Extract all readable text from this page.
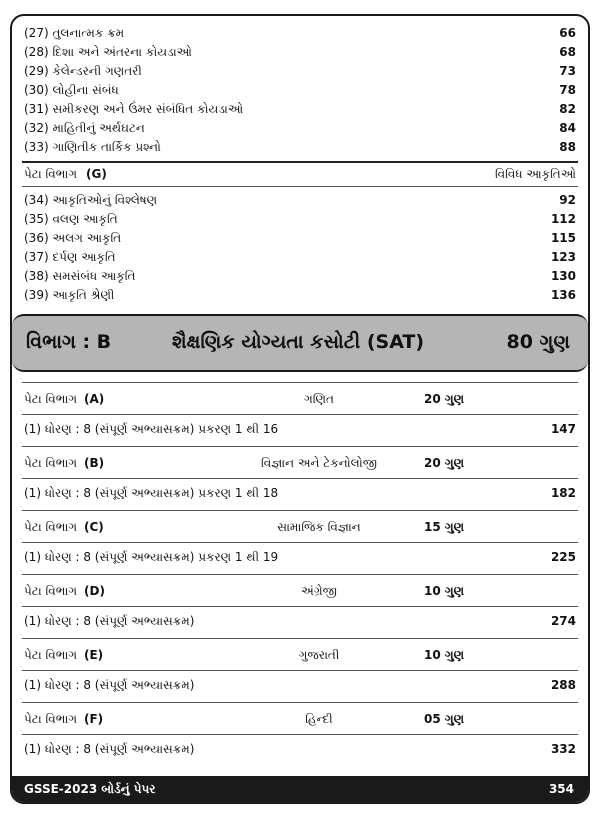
(27) તુલનાત્મક ક્રમ	66
(28) દિશા અને અંતરના કોયડાઓ	68
(29) કેલેન્ડરની ગણતરી	73
(30) લોહીના સંબંધ	78
(31) સમીકરણ અને ઉંમર સંબંધિત કોયડાઓ	82
(32) માહિતીનું અર્થઘટન	84
(33) ગાણિતીક તાર્કિક પ્રશ્નો	88
પેટા વિભાગ (G)	વિવિધ આકૃતિઓ
(34) આકૃતિઓનું વિશ્લેષણ	92
(35) વલણ આકૃતિ	112
(36) અલગ આકૃતિ	115
(37) દર્પણ આકૃતિ	123
(38) સમસંબંધ આકૃતિ	130
(39) આકૃતિ શ્રેણી	136
વિભાગ : B	શૈક્ષણિક યોગ્યતા કસોટી (SAT)	80 ગુણ
પેટા વિભાગ (A)	ગણિત	20 ગુણ
(1) ધોરણ : 8 (સંપૂર્ણ અભ્યાસક્રમ) પ્રકરણ 1 થી 16	147
પેટા વિભાગ (B)	વિજ્ઞાન અને ટેકનોલોજી	20 ગુણ
(1) ધોરણ : 8 (સંપૂર્ણ અભ્યાસક્રમ) પ્રકરણ 1 થી 18	182
પેટા વિભાગ (C)	સામાજિક વિજ્ઞાન	15 ગુણ
(1) ધોરણ : 8 (સંપૂર્ણ અભ્યાસક્રમ) પ્રકરણ 1 થી 19	225
પેટા વિભાગ (D)	અંગ્રેજી	10 ગુણ
(1) ધોરણ : 8 (સંપૂર્ણ અભ્યાસક્રમ)	274
પેટા વિભાગ (E)	ગુજરાતી	10 ગુણ
(1) ધોરણ : 8 (સંપૂર્ણ અભ્યાસક્રમ)	288
પેટા વિભાગ (F)	હિન્દી	05 ગુણ
(1) ધોરણ : 8 (સંપૂર્ણ અભ્યાસક્રમ)	332
GSSE-2023 બોર્ડનું પેપર	354
